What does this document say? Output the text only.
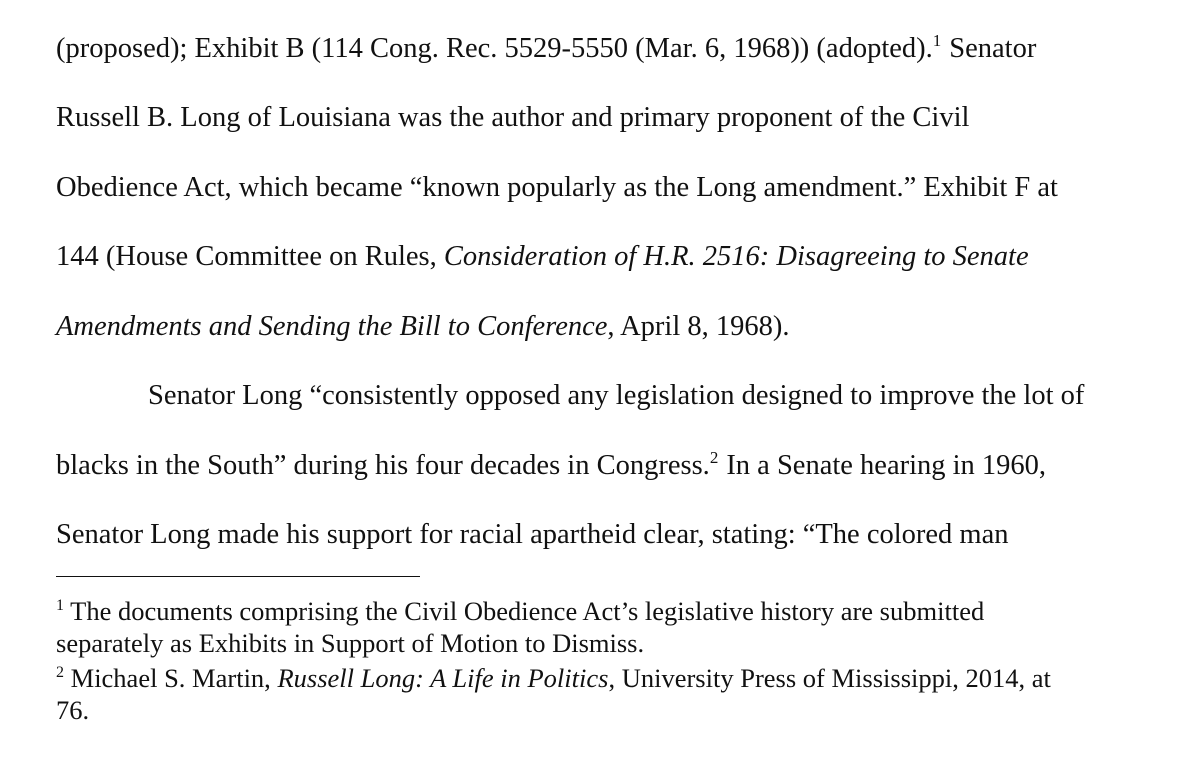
(proposed); Exhibit B (114 Cong. Rec. 5529-5550 (Mar. 6, 1968)) (adopted).$^1$ Senator

Russell B. Long of Louisiana was the author and primary proponent of the Civil

Obedience Act, which became “known popularly as the Long amendment.” Exhibit F at

144 (House Committee on Rules, Consideration of H.R. 2516: Disagreeing to Senate

Amendments and Sending the Bill to Conference, April 8, 1968).

Senator Long “consistently opposed any legislation designed to improve the lot of

blacks in the South” during his four decades in Congress.$^2$ In a Senate hearing in 1960,

Senator Long made his support for racial apartheid clear, stating: “The colored man

$^1$ The documents comprising the Civil Obedience Act’s legislative history are submitted

separately as Exhibits in Support of Motion to Dismiss.

$^2$ Michael S. Martin, Russell Long: A Life in Politics, University Press of Mississippi, 2014, at

76.
